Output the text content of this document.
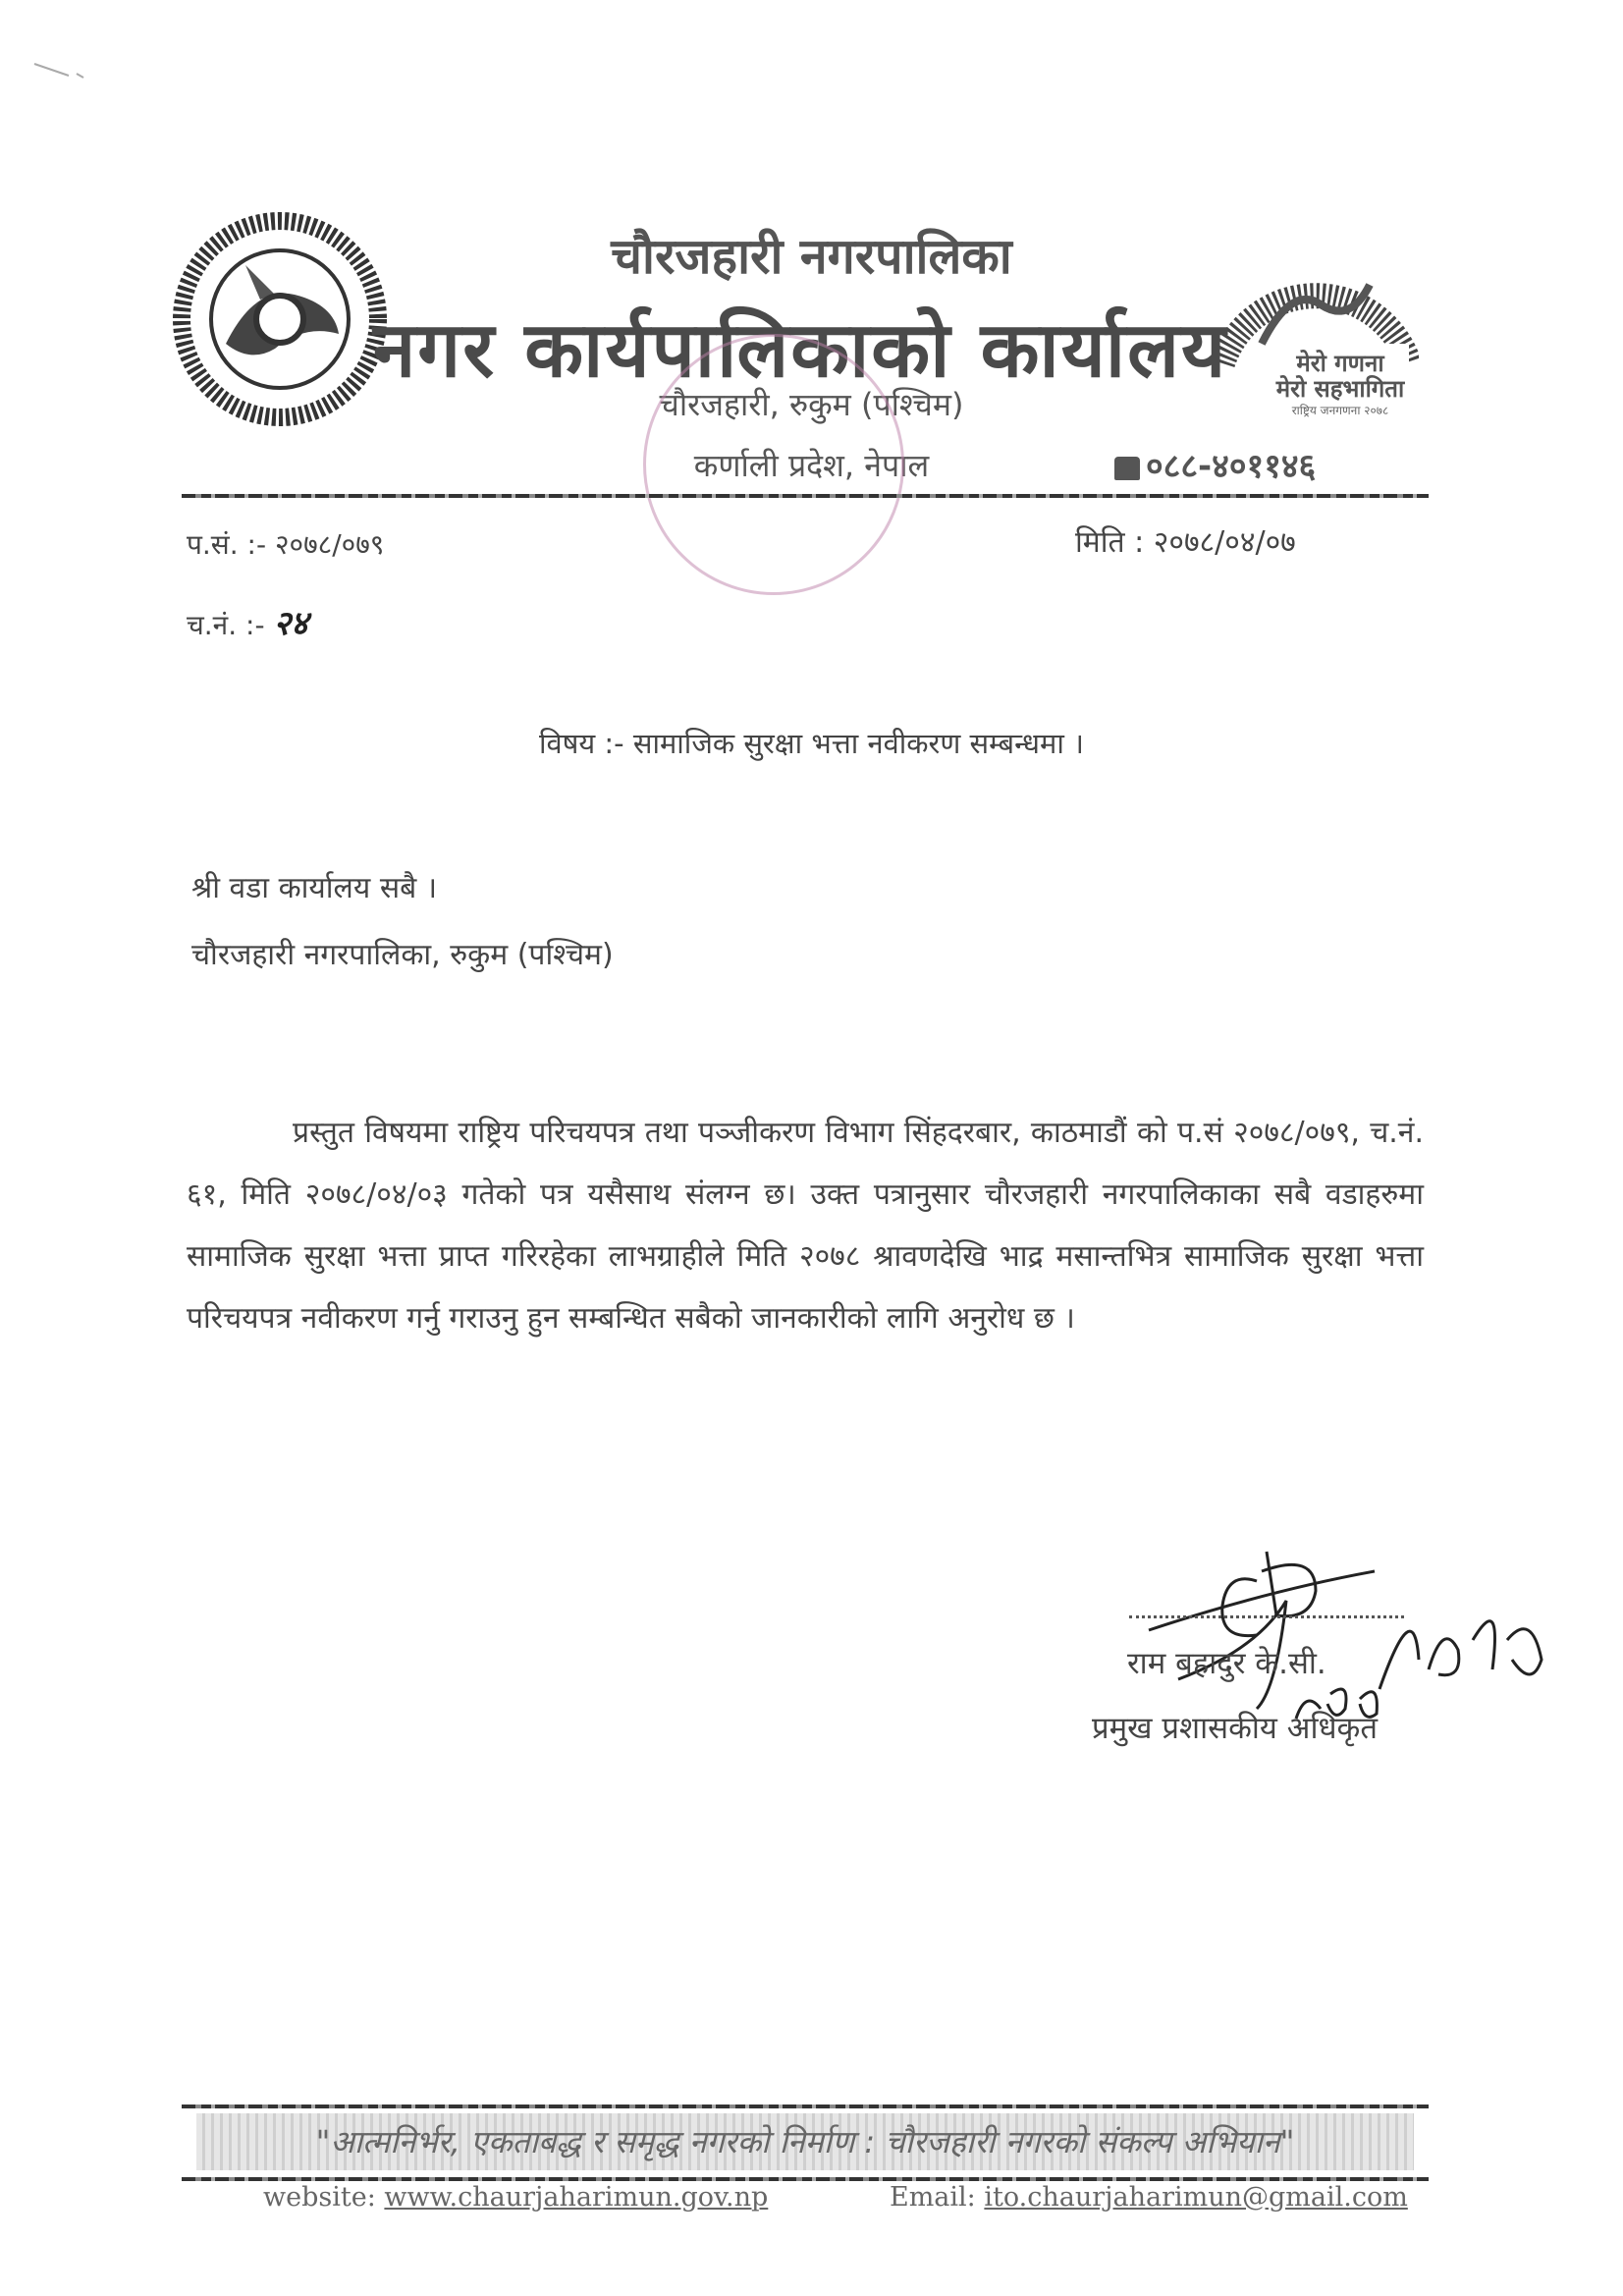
मेरो गणना
मेरो सहभागिता
राष्ट्रिय जनगणना २०७८
चौरजहारी नगरपालिका
नगर कार्यपालिकाको कार्यालय
चौरजहारी, रुकुम (पश्चिम)
कर्णाली प्रदेश, नेपाल	०८८-४०११४६
प.सं. :- २०७८/०७९	मिति : २०७८/०४/०७
च.नं. :- २४
विषय :- सामाजिक सुरक्षा भत्ता नवीकरण सम्बन्धमा ।
श्री वडा कार्यालय सबै ।
चौरजहारी नगरपालिका, रुकुम (पश्चिम)
प्रस्तुत विषयमा राष्ट्रिय परिचयपत्र तथा पञ्जीकरण विभाग सिंहदरबार, काठमाडौं को प.सं २०७८/०७९, च.नं. ६१, मिति २०७८/०४/०३ गतेको पत्र यसैसाथ संलग्न छ। उक्त पत्रानुसार चौरजहारी नगरपालिकाका सबै वडाहरुमा सामाजिक सुरक्षा भत्ता प्राप्त गरिरहेका लाभग्राहीले मिति २०७८ श्रावणदेखि भाद्र मसान्तभित्र सामाजिक सुरक्षा भत्ता परिचयपत्र नवीकरण गर्नु गराउनु हुन सम्बन्धित सबैको जानकारीको लागि अनुरोध छ ।
राम बहादुर के.सी.
प्रमुख प्रशासकीय अधिकृत
"आत्मनिर्भर, एकताबद्ध र समृद्ध नगरको निर्माण : चौरजहारी नगरको संकल्प अभियान"
website: www.chaurjaharimun.gov.np	Email: ito.chaurjaharimun@gmail.com
